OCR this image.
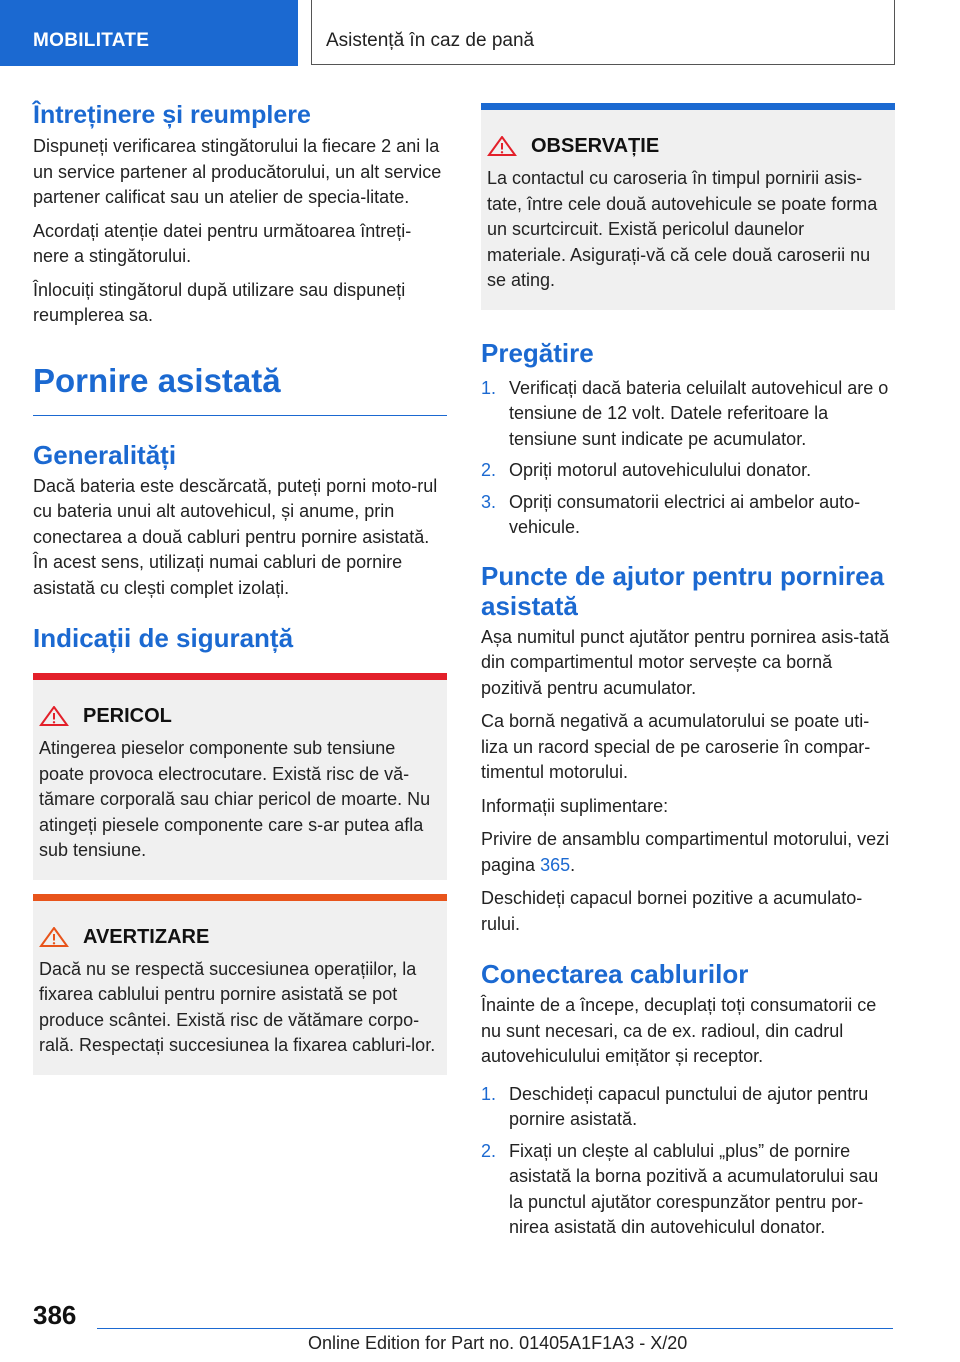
MOBILITATE	Asistență în caz de pană
Întreținere și reumplere

Dispuneți verificarea stingătorului la fiecare 2 ani la un service partener al producătorului, un alt service partener calificat sau un atelier de specia-litate.

Acordați atenție datei pentru următoarea întreți-nere a stingătorului.

Înlocuiți stingătorul după utilizare sau dispuneți reumplerea sa.

Pornire asistată
Generalități

Dacă bateria este descărcată, puteți porni moto-rul cu bateria unui alt autovehicul, și anume, prin conectarea a două cabluri pentru pornire asistată. În acest sens, utilizați numai cabluri de pornire asistată cu clești complet izolați.

Indicații de siguranță
PERICOL

Atingerea pieselor componente sub tensiune poate provoca electrocutare. Există risc de vă-tămare corporală sau chiar pericol de moarte. Nu atingeți piesele componente care s-ar putea afla sub tensiune.

AVERTIZARE

Dacă nu se respectă succesiunea operațiilor, la fixarea cablului pentru pornire asistată se pot produce scântei. Există risc de vătămare corpo-rală. Respectați succesiunea la fixarea cabluri-lor.

OBSERVAȚIE

La contactul cu caroseria în timpul pornirii asis-tate, între cele două autovehicule se poate forma un scurtcircuit. Există pericolul daunelor materiale. Asigurați-vă că cele două caroserii nu se ating.

Pregătire
1. Verificați dacă bateria celuilalt autovehicul are o tensiune de 12 volt. Datele referitoare la tensiune sunt indicate pe acumulator.
2. Opriți motorul autovehiculului donator.
3. Opriți consumatorii electrici ai ambelor auto-vehicule.
Puncte de ajutor pentru pornirea asistată

Așa numitul punct ajutător pentru pornirea asis-tată din compartimentul motor servește ca bornă pozitivă pentru acumulator.

Ca bornă negativă a acumulatorului se poate uti-liza un racord special de pe caroserie în compar-timentul motorului.

Informații suplimentare:

Privire de ansamblu compartimentul motorului, vezi pagina 365.

Deschideți capacul bornei pozitive a acumulato-rului.

Conectarea cablurilor

Înainte de a începe, decuplați toți consumatorii ce nu sunt necesari, ca de ex. radioul, din cadrul autovehiculului emițător și receptor.

1. Deschideți capacul punctului de ajutor pentru pornire asistată.
2. Fixați un clește al cablului „plus” de pornire asistată la borna pozitivă a acumulatorului sau la punctul ajutător corespunzător pentru por-nirea asistată din autovehiculul donator.
386
Online Edition for Part no. 01405A1F1A3 - X/20
